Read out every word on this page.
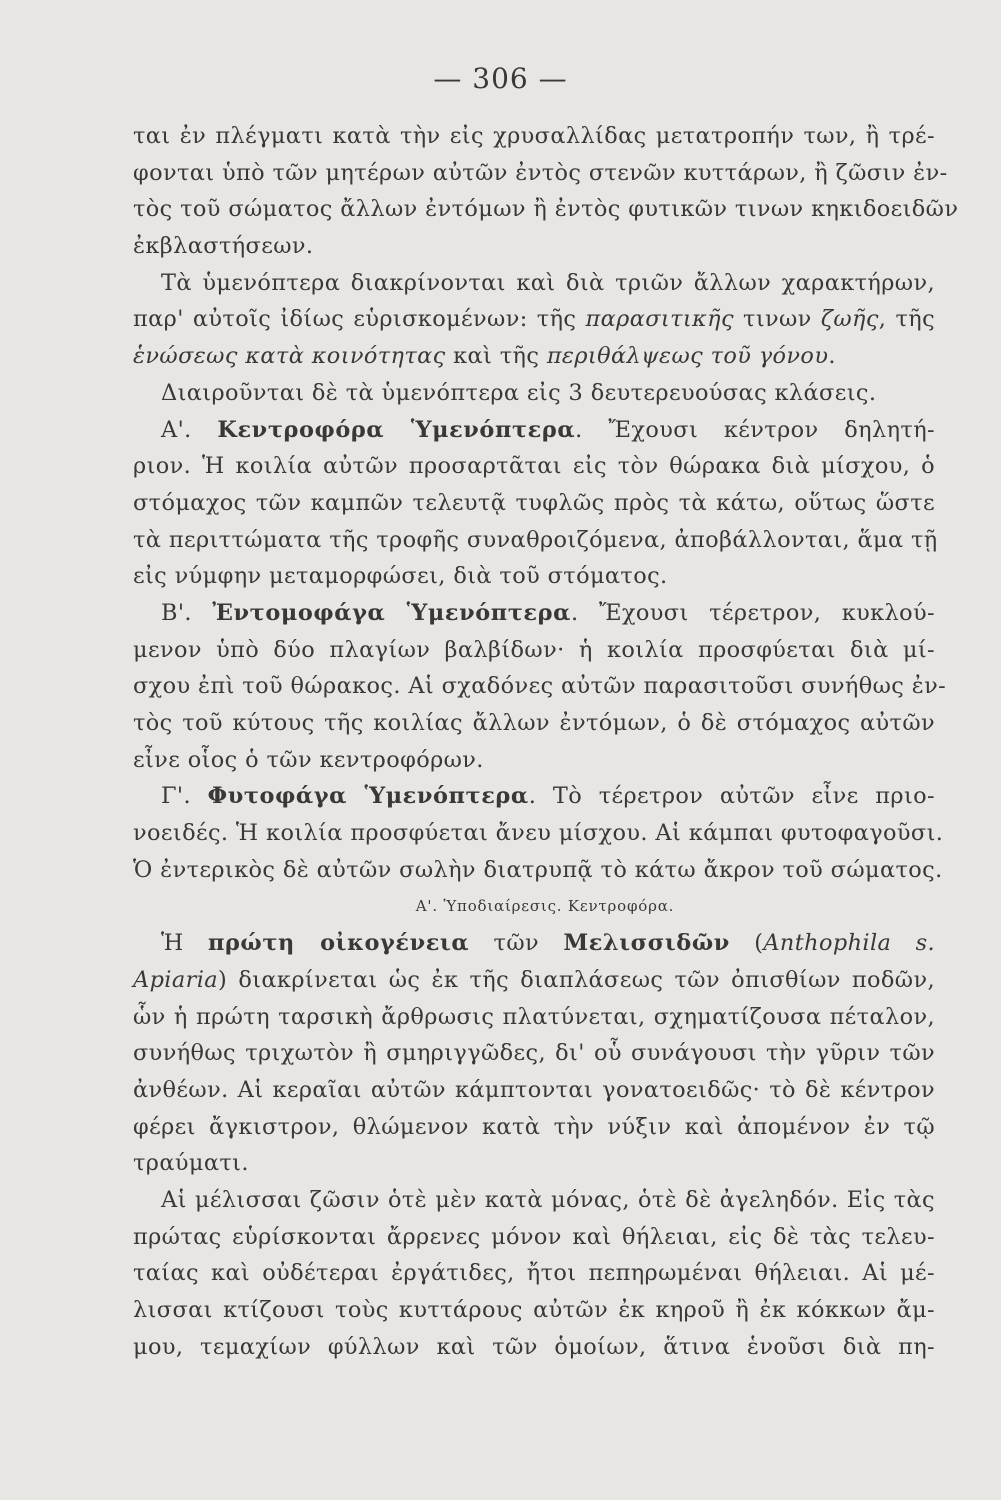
— 306 —
ται ἐν πλέγματι κατὰ τὴν εἰς χρυσαλλίδας μετατροπήν των, ἢ τρέ-
φονται ὑπὸ τῶν μητέρων αὐτῶν ἐντὸς στενῶν κυττάρων, ἢ ζῶσιν ἐν-
τὸς τοῦ σώματος ἄλλων ἐντόμων ἢ ἐντὸς φυτικῶν τινων κηκιδοειδῶν
ἐκβλαστήσεων.
Τὰ ὑμενόπτερα διακρίνονται καὶ διὰ τριῶν ἄλλων χαρακτήρων,
παρ' αὐτοῖς ἰδίως εὑρισκομένων: τῆς παρασιτικῆς τινων ζωῆς, τῆς
ἑνώσεως κατὰ κοινότητας καὶ τῆς περιθάλψεως τοῦ γόνου.
Διαιροῦνται δὲ τὰ ὑμενόπτερα εἰς 3 δευτερευούσας κλάσεις.
Α'. Κεντροφόρα Ὑμενόπτερα. Ἔχουσι κέντρον δηλητή-
ριον. Ἡ κοιλία αὐτῶν προσαρτᾶται εἰς τὸν θώρακα διὰ μίσχου, ὁ
στόμαχος τῶν καμπῶν τελευτᾷ τυφλῶς πρὸς τὰ κάτω, οὕτως ὥστε
τὰ περιττώματα τῆς τροφῆς συναθροιζόμενα, ἀποβάλλονται, ἅμα τῇ
εἰς νύμφην μεταμορφώσει, διὰ τοῦ στόματος.
Β'. Ἐντομοφάγα Ὑμενόπτερα. Ἔχουσι τέρετρον, κυκλού-
μενον ὑπὸ δύο πλαγίων βαλβίδων· ἡ κοιλία προσφύεται διὰ μί-
σχου ἐπὶ τοῦ θώρακος. Αἱ σχαδόνες αὐτῶν παρασιτοῦσι συνήθως ἐν-
τὸς τοῦ κύτους τῆς κοιλίας ἄλλων ἐντόμων, ὁ δὲ στόμαχος αὐτῶν
εἶνε οἷος ὁ τῶν κεντροφόρων.
Γ'. Φυτοφάγα Ὑμενόπτερα. Τὸ τέρετρον αὐτῶν εἶνε πριο-
νοειδές. Ἡ κοιλία προσφύεται ἄνευ μίσχου. Αἱ κάμπαι φυτοφαγοῦσι.
Ὁ ἐντερικὸς δὲ αὐτῶν σωλὴν διατρυπᾷ τὸ κάτω ἄκρον τοῦ σώματος.
Α'. Ὑποδιαίρεσις. Κεντροφόρα.
Ἡ πρώτη οἰκογένεια τῶν Μελισσιδῶν (Anthophila s.
Apiaria) διακρίνεται ὡς ἐκ τῆς διαπλάσεως τῶν ὀπισθίων ποδῶν,
ὧν ἡ πρώτη ταρσικὴ ἄρθρωσις πλατύνεται, σχηματίζουσα πέταλον,
συνήθως τριχωτὸν ἢ σμηριγγῶδες, δι' οὗ συνάγουσι τὴν γῦριν τῶν
ἀνθέων. Αἱ κεραῖαι αὐτῶν κάμπτονται γονατοειδῶς· τὸ δὲ κέντρον
φέρει ἄγκιστρον, θλώμενον κατὰ τὴν νύξιν καὶ ἀπομένον ἐν τῷ
τραύματι.
Αἱ μέλισσαι ζῶσιν ὁτὲ μὲν κατὰ μόνας, ὁτὲ δὲ ἀγεληδόν. Εἰς τὰς
πρώτας εὑρίσκονται ἄρρενες μόνον καὶ θήλειαι, εἰς δὲ τὰς τελευ-
ταίας καὶ οὐδέτεραι ἐργάτιδες, ἤτοι πεπηρωμέναι θήλειαι. Αἱ μέ-
λισσαι κτίζουσι τοὺς κυττάρους αὐτῶν ἐκ κηροῦ ἢ ἐκ κόκκων ἄμ-
μου, τεμαχίων φύλλων καὶ τῶν ὁμοίων, ἅτινα ἑνοῦσι διὰ πη-
